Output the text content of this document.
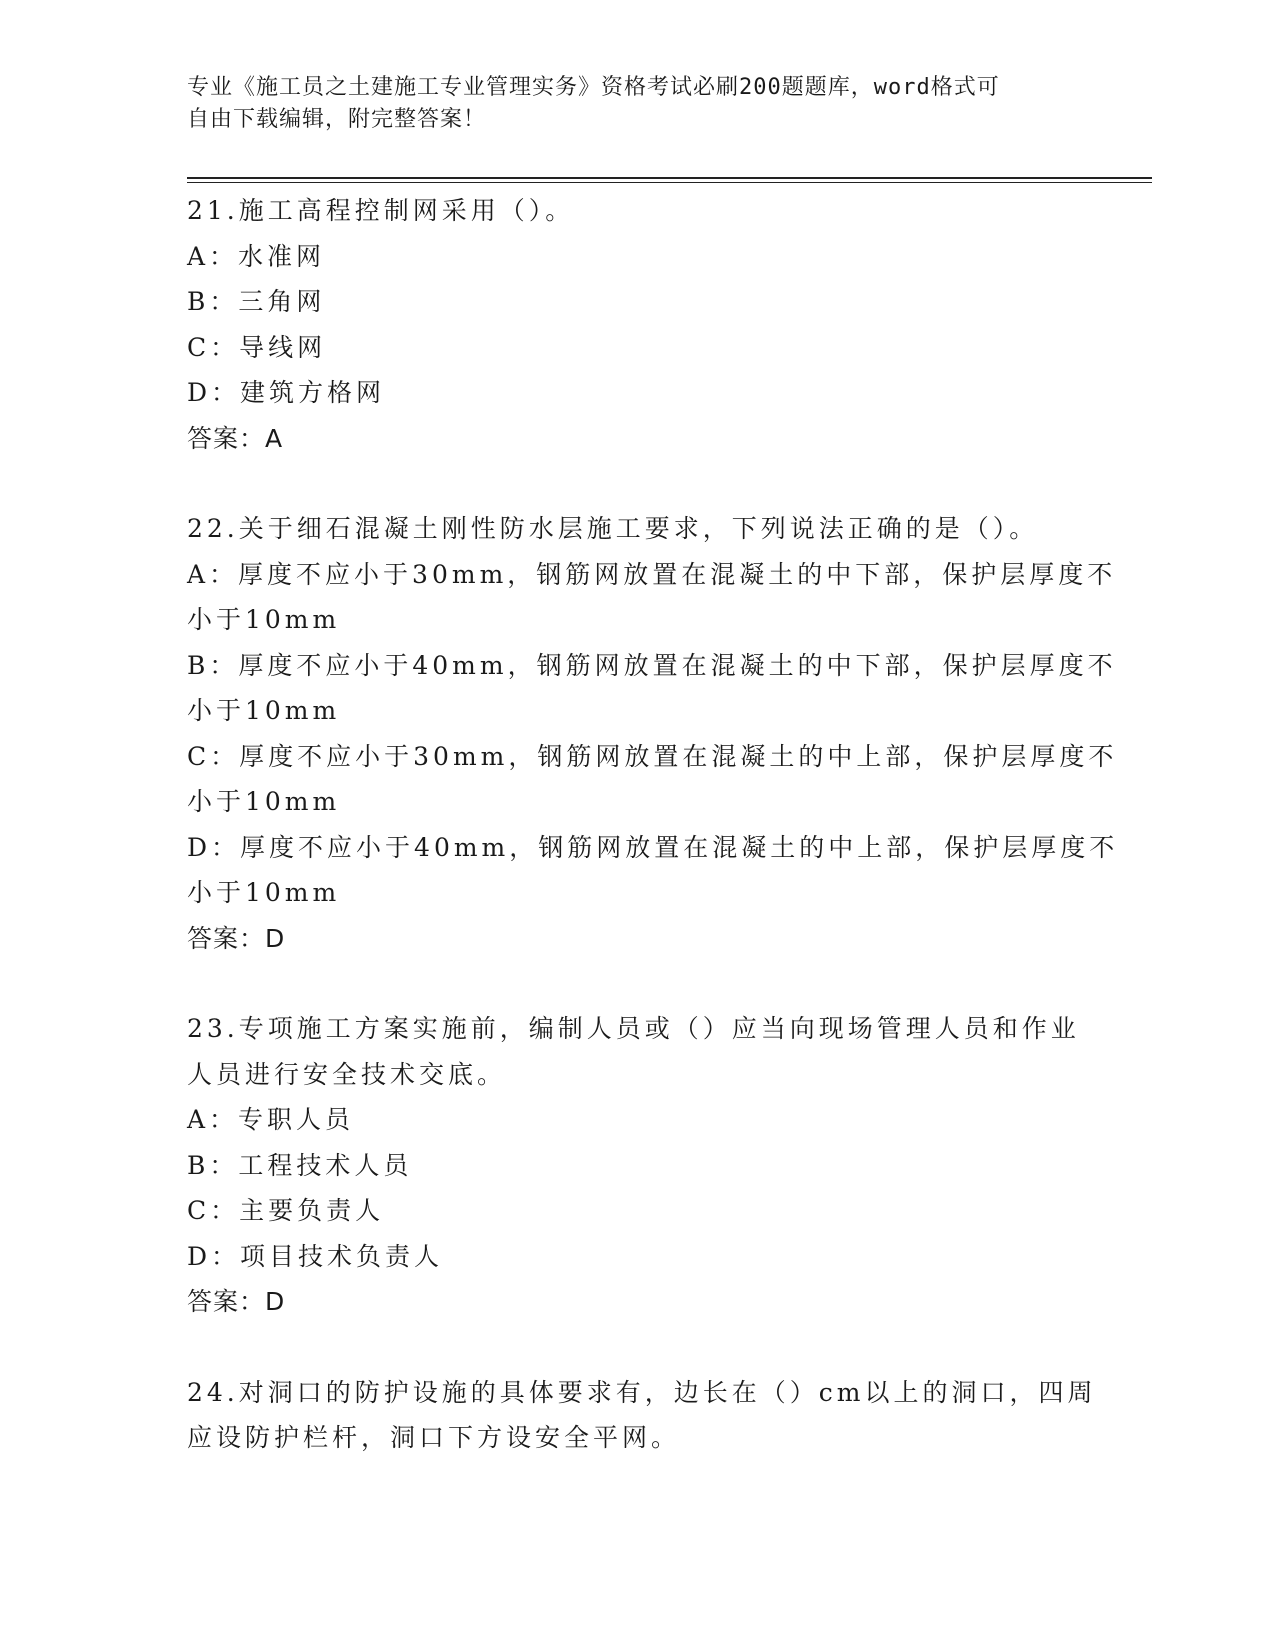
专业《施工员之土建施工专业管理实务》资格考试必刷200题题库，word格式可
自由下载编辑，附完整答案！
21.施工高程控制网采用（）。
A：水准网
B：三角网
C：导线网
D：建筑方格网
答案：A
22.关于细石混凝土刚性防水层施工要求，下列说法正确的是（）。
A：厚度不应小于30mm，钢筋网放置在混凝土的中下部，保护层厚度不
小于10mm
B：厚度不应小于40mm，钢筋网放置在混凝土的中下部，保护层厚度不
小于10mm
C：厚度不应小于30mm，钢筋网放置在混凝土的中上部，保护层厚度不
小于10mm
D：厚度不应小于40mm，钢筋网放置在混凝土的中上部，保护层厚度不
小于10mm
答案：D
23.专项施工方案实施前，编制人员或（）应当向现场管理人员和作业
人员进行安全技术交底。
A：专职人员
B：工程技术人员
C：主要负责人
D：项目技术负责人
答案：D
24.对洞口的防护设施的具体要求有，边长在（）cm以上的洞口，四周
应设防护栏杆，洞口下方设安全平网。
